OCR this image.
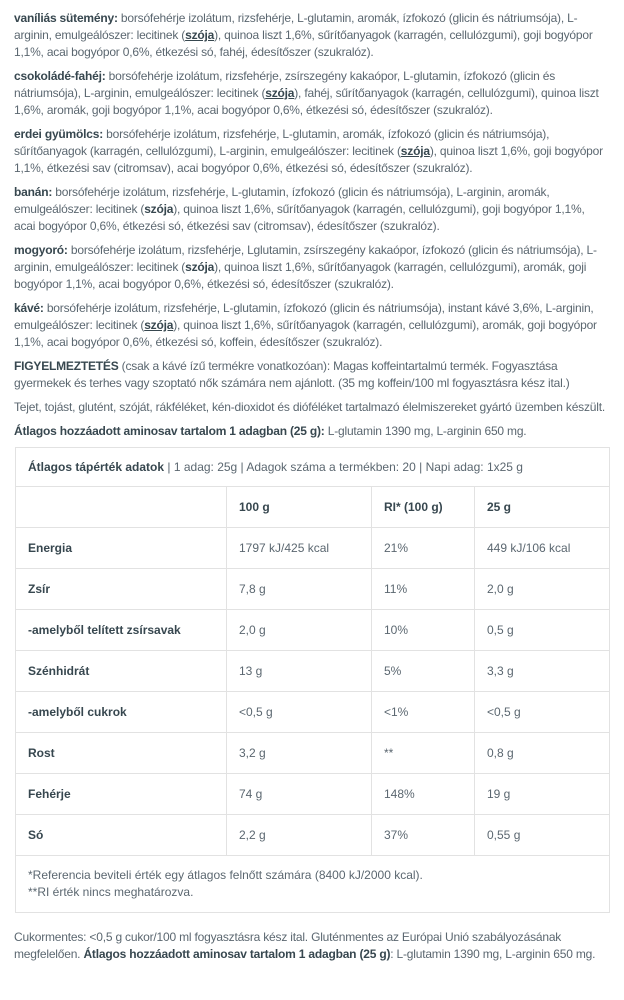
vaníliás sütemény: borsófehérje izolátum, rizsfehérje, L-glutamin, aromák, ízfokozó (glicin és nátriumsója), L-arginin, emulgeálószer: lecitinek (szója), quinoa liszt 1,6%, sűrítőanyagok (karragén, cellulózgumi), goji bogyópor 1,1%, acai bogyópor 0,6%, étkezési só, fahéj, édesítőszer (szukralóz).

csokoládé-fahéj: borsófehérje izolátum, rizsfehérje, zsírszegény kakaópor, L-glutamin, ízfokozó (glicin és nátriumsója), L-arginin, emulgeálószer: lecitinek (szója), fahéj, sűrítőanyagok (karragén, cellulózgumi), quinoa liszt 1,6%, aromák, goji bogyópor 1,1%, acai bogyópor 0,6%, étkezési só, édesítőszer (szukralóz).

erdei gyümölcs: borsófehérje izolátum, rizsfehérje, L-glutamin, aromák, ízfokozó (glicin és nátriumsója), sűrítőanyagok (karragén, cellulózgumi), L-arginin, emulgeálószer: lecitinek (szója), quinoa liszt 1,6%, goji bogyópor 1,1%, étkezési sav (citromsav), acai bogyópor 0,6%, étkezési só, édesítőszer (szukralóz).

banán: borsófehérje izolátum, rizsfehérje, L-glutamin, ízfokozó (glicin és nátriumsója), L-arginin, aromák, emulgeálószer: lecitinek (szója), quinoa liszt 1,6%, sűrítőanyagok (karragén, cellulózgumi), goji bogyópor 1,1%, acai bogyópor 0,6%, étkezési só, étkezési sav (citromsav), édesítőszer (szukralóz).

mogyoró: borsófehérje izolátum, rizsfehérje, Lglutamin, zsírszegény kakaópor, ízfokozó (glicin és nátriumsója), L-arginin, emulgeálószer: lecitinek (szója), quinoa liszt 1,6%, sűrítőanyagok (karragén, cellulózgumi), aromák, goji bogyópor 1,1%, acai bogyópor 0,6%, étkezési só, édesítőszer (szukralóz).

kávé: borsófehérje izolátum, rizsfehérje, L-glutamin, ízfokozó (glicin és nátriumsója), instant kávé 3,6%, L-arginin, emulgeálószer: lecitinek (szója), quinoa liszt 1,6%, sűrítőanyagok (karragén, cellulózgumi), aromák, goji bogyópor 1,1%, acai bogyópor 0,6%, étkezési só, koffein, édesítőszer (szukralóz).

FIGYELMEZTETÉS (csak a kávé ízű termékre vonatkozóan): Magas koffeintartalmú termék. Fogyasztása gyermekek és terhes vagy szoptató nők számára nem ajánlott. (35 mg koffein/100 ml fogyasztásra kész ital.)

Tejet, tojást, glutént, szóját, rákféléket, kén-dioxidot és dióféléket tartalmazó élelmiszereket gyártó üzemben készült.

Átlagos hozzáadott aminosav tartalom 1 adagban (25 g): L-glutamin 1390 mg, L-arginin 650 mg.

Átlagos tápérték adatok | 1 adag: 25g | Adagok száma a termékben: 20 | Napi adag: 1x25 g			
	100 g	RI* (100 g)	25 g
Energia	1797 kJ/425 kcal	21%	449 kJ/106 kcal
Zsír	7,8 g	11%	2,0 g
-amelyből telített zsírsavak	2,0 g	10%	0,5 g
Szénhidrát	13 g	5%	3,3 g
-amelyből cukrok	<0,5 g	<1%	<0,5 g
Rost	3,2 g	**	0,8 g
Fehérje	74 g	148%	19 g
Só	2,2 g	37%	0,55 g

*Referencia beviteli érték egy átlagos felnőtt számára (8400 kJ/2000 kcal).
**RI érték nincs meghatározva.			

Cukormentes: <0,5 g cukor/100 ml fogyasztásra kész ital. Gluténmentes az Európai Unió szabályozásának megfelelően. Átlagos hozzáadott aminosav tartalom 1 adagban (25 g): L-glutamin 1390 mg, L-arginin 650 mg.
